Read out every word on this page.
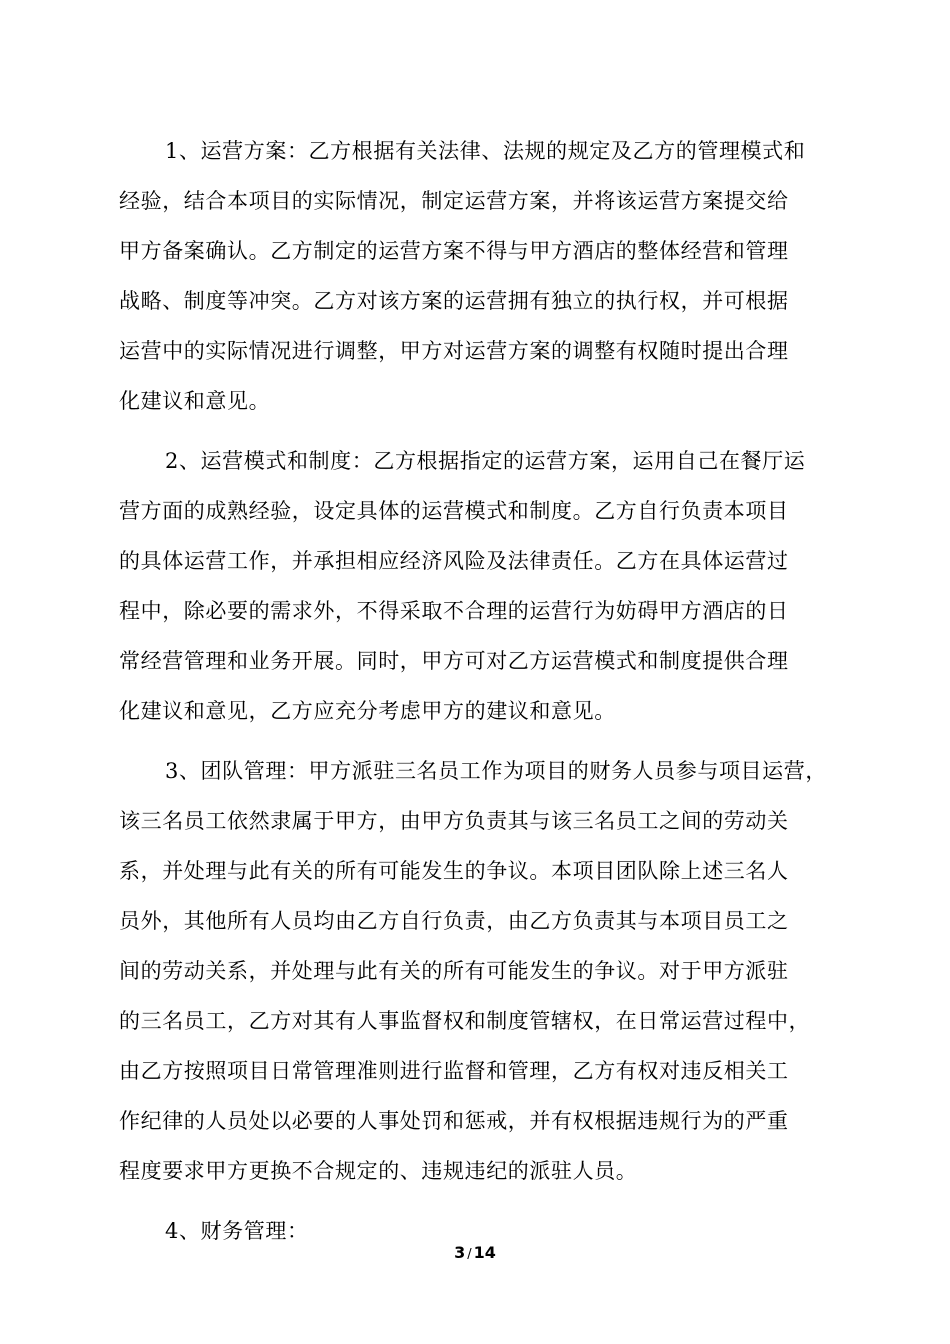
1、运营方案：乙方根据有关法律、法规的规定及乙方的管理模式和
经验，结合本项目的实际情况，制定运营方案，并将该运营方案提交给
甲方备案确认。乙方制定的运营方案不得与甲方酒店的整体经营和管理
战略、制度等冲突。乙方对该方案的运营拥有独立的执行权，并可根据
运营中的实际情况进行调整，甲方对运营方案的调整有权随时提出合理
化建议和意见。
2、运营模式和制度：乙方根据指定的运营方案，运用自己在餐厅运
营方面的成熟经验，设定具体的运营模式和制度。乙方自行负责本项目
的具体运营工作，并承担相应经济风险及法律责任。乙方在具体运营过
程中，除必要的需求外，不得采取不合理的运营行为妨碍甲方酒店的日
常经营管理和业务开展。同时，甲方可对乙方运营模式和制度提供合理
化建议和意见，乙方应充分考虑甲方的建议和意见。
3、团队管理：甲方派驻三名员工作为项目的财务人员参与项目运营，
该三名员工依然隶属于甲方，由甲方负责其与该三名员工之间的劳动关
系，并处理与此有关的所有可能发生的争议。本项目团队除上述三名人
员外，其他所有人员均由乙方自行负责，由乙方负责其与本项目员工之
间的劳动关系，并处理与此有关的所有可能发生的争议。对于甲方派驻
的三名员工，乙方对其有人事监督权和制度管辖权，在日常运营过程中，
由乙方按照项目日常管理准则进行监督和管理，乙方有权对违反相关工
作纪律的人员处以必要的人事处罚和惩戒，并有权根据违规行为的严重
程度要求甲方更换不合规定的、违规违纪的派驻人员。
4、财务管理：
3 / 14
